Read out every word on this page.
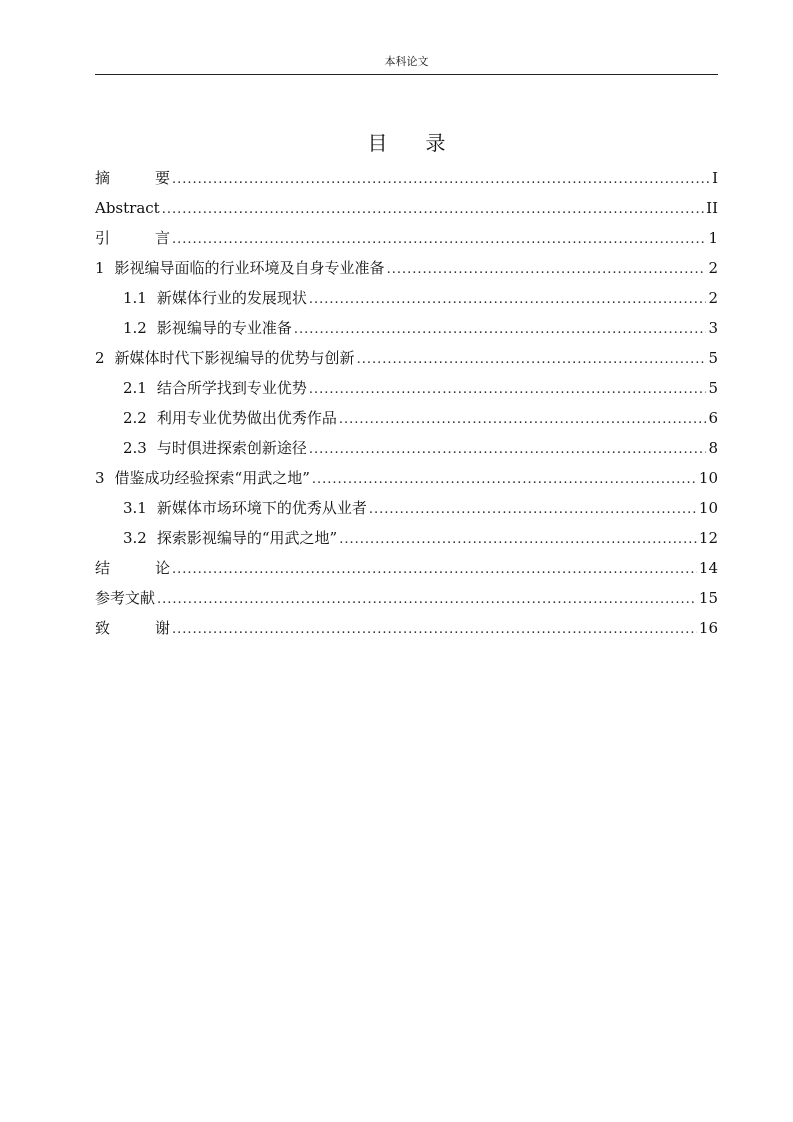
本科论文
目 录
摘	要 .....	I
Abstract .....	II
引	言 .....	1
1 影视编导面临的行业环境及自身专业准备 .....	2
1.1 新媒体行业的发展现状 .....	2
1.2 影视编导的专业准备 .....	3
2 新媒体时代下影视编导的优势与创新 .....	5
2.1 结合所学找到专业优势 .....	5
2.2 利用专业优势做出优秀作品 .....	6
2.3 与时俱进探索创新途径 .....	8
3 借鉴成功经验探索“用武之地” .....	10
3.1 新媒体市场环境下的优秀从业者 .....	10
3.2 探索影视编导的“用武之地” .....	12
结	论 .....	14
参考文献 .....	15
致	谢 .....	16
